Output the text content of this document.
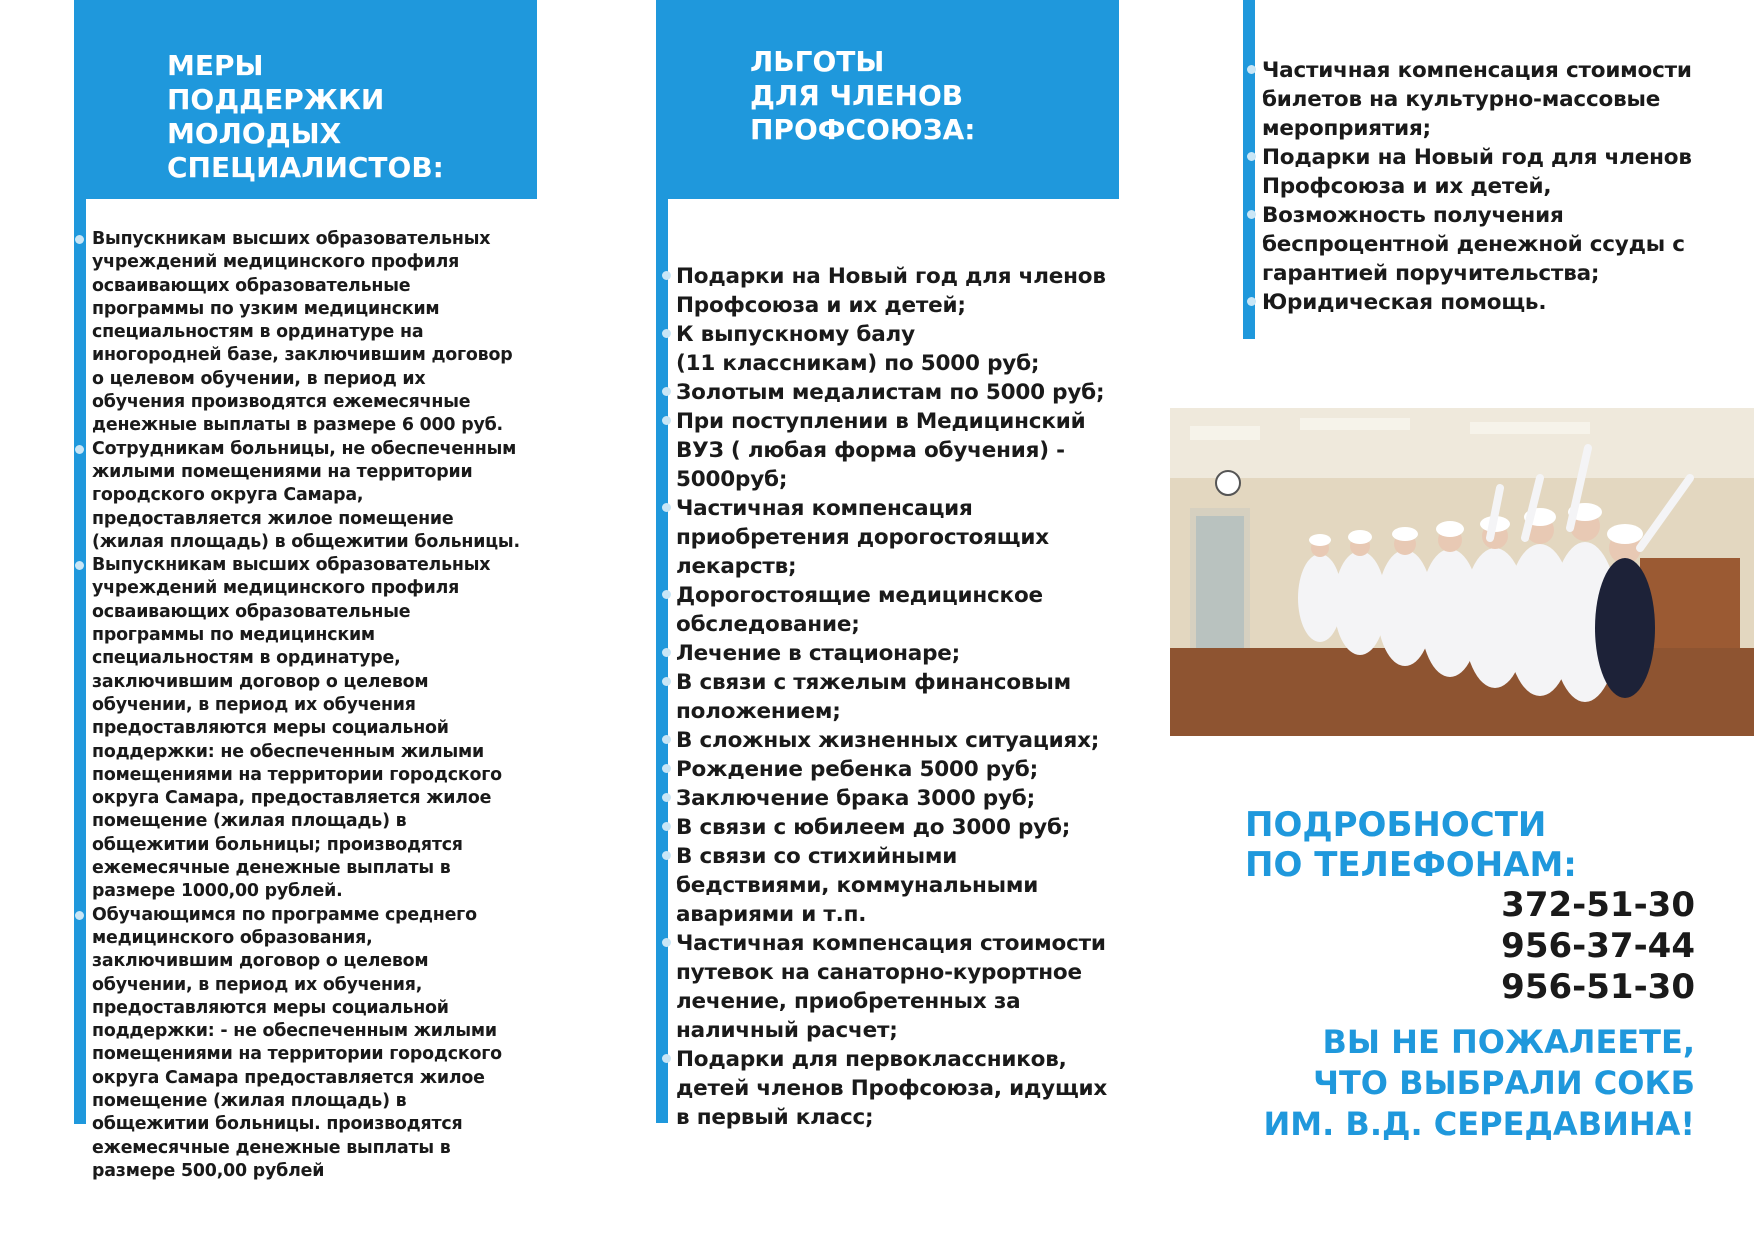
МЕРЫ
ПОДДЕРЖКИ
МОЛОДЫХ
СПЕЦИАЛИСТОВ:
Выпускникам высших образовательных
учреждений медицинского профиля
осваивающих образовательные
программы по узким медицинским
специальностям в ординатуре на
иногородней базе, заключившим договор
о целевом обучении, в период их
обучения производятся ежемесячные
денежные выплаты в размере 6 000 руб.
Сотрудникам больницы, не обеспеченным
жилыми помещениями на территории
городского округа Самара,
предоставляется жилое помещение
(жилая площадь) в общежитии больницы.
Выпускникам высших образовательных
учреждений медицинского профиля
осваивающих образовательные
программы по медицинским
специальностям в ординатуре,
заключившим договор о целевом
обучении, в период их обучения
предоставляются меры социальной
поддержки: не обеспеченным жилыми
помещениями на территории городского
округа Самара, предоставляется жилое
помещение (жилая площадь) в
общежитии больницы; производятся
ежемесячные денежные выплаты в
размере 1000,00 рублей.
Обучающимся по программе среднего
медицинского образования,
заключившим договор о целевом
обучении, в период их обучения,
предоставляются меры социальной
поддержки: - не обеспеченным жилыми
помещениями на территории городского
округа Самара предоставляется жилое
помещение (жилая площадь) в
общежитии больницы. производятся
ежемесячные денежные выплаты в
размере 500,00 рублей
ЛЬГОТЫ
ДЛЯ ЧЛЕНОВ
ПРОФСОЮЗА:
Подарки на Новый год для членов
Профсоюза и их детей;
К выпускному балу
(11 классникам) по 5000 руб;
Золотым медалистам по 5000 руб;
При поступлении в Медицинский
ВУЗ ( любая форма обучения) -
5000руб;
Частичная компенсация
приобретения дорогостоящих
лекарств;
Дорогостоящие медицинское
обследование;
Лечение в стационаре;
В связи с тяжелым финансовым
положением;
В сложных жизненных ситуациях;
Рождение ребенка 5000 руб;
Заключение брака 3000 руб;
В связи с юбилеем до 3000 руб;
В связи со стихийными
бедствиями, коммунальными
авариями и т.п.
Частичная компенсация стоимости
путевок на санаторно-курортное
лечение, приобретенных за
наличный расчет;
Подарки для первоклассников,
детей членов Профсоюза, идущих
в первый класс;
Частичная компенсация стоимости
билетов на культурно-массовые
мероприятия;
Подарки на Новый год для членов
Профсоюза и их детей,
Возможность получения
беспроцентной денежной ссуды с
гарантией поручительства;
Юридическая помощь.
ПОДРОБНОСТИ
ПО ТЕЛЕФОНАМ:
372-51-30
956-37-44
956-51-30
ВЫ НЕ ПОЖАЛЕЕТЕ,
ЧТО ВЫБРАЛИ СОКБ
ИМ. В.Д. СЕРЕДАВИНА!
